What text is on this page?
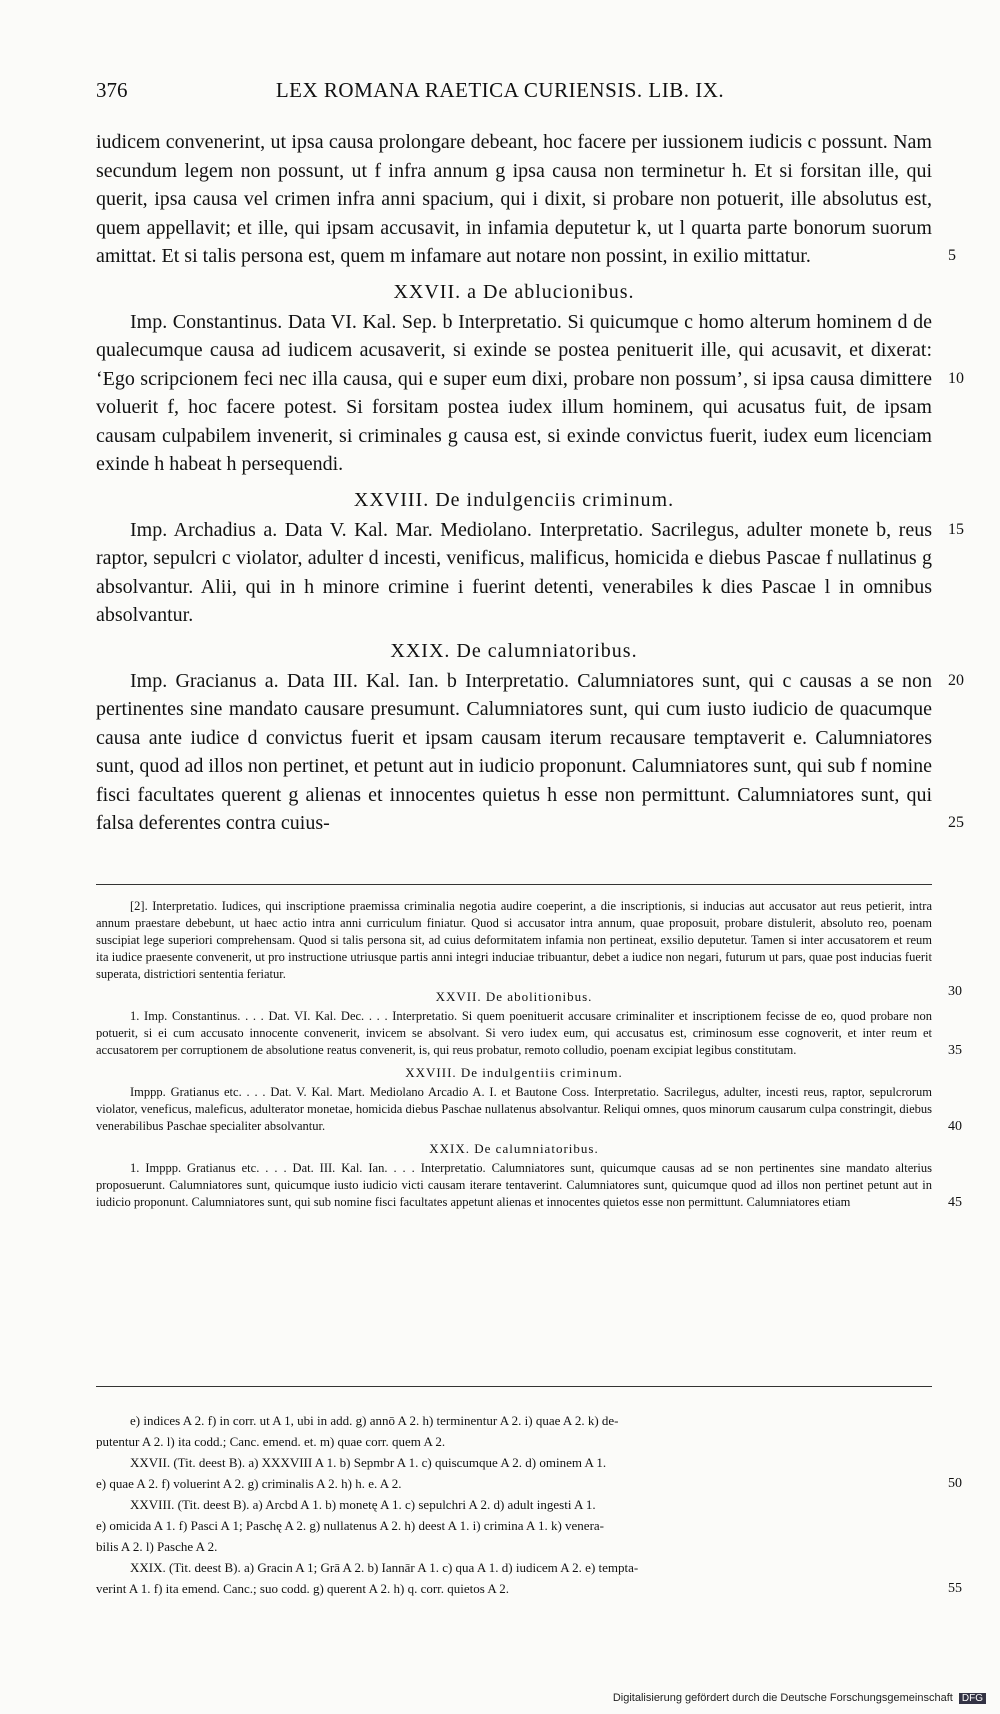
376	LEX ROMANA RAETICA CURIENSIS. LIB. IX.

iudicem convenerint, ut ipsa causa prolongare debeant, hoc facere per iussionem iudicis c possunt. Nam secundum legem non possunt, ut f infra annum g ipsa causa non terminetur h. Et si forsitan ille, qui querit, ipsa causa vel crimen infra anni spacium, qui i dixit, si probare non potuerit, ille absolutus est, quem appellavit; et ille, qui ipsam accusavit, in infamia deputetur k, ut l quarta parte bonorum suorum amittat. Et si talis persona est, quem m infamare aut notare non possint, in exilio mittatur.	5

XXVII. a De ablucionibus.

Imp. Constantinus. Data VI. Kal. Sep. b Interpretatio. Si quicumque c homo alterum hominem d de qualecumque causa ad iudicem acusaverit, si exinde se postea penituerit ille, qui acusavit, et dixerat: ‘Ego scripcionem feci nec illa causa, qui e super eum dixi, probare non possum’, si ipsa causa dimittere voluerit f, hoc facere potest. Si forsitam postea iudex illum hominem, qui acusatus fuit, de ipsam causam culpabilem invenerit, si criminales g causa est, si exinde convictus fuerit, iudex eum licenciam exinde h habeat h persequendi.
10

XXVIII. De indulgenciis criminum.

Imp. Archadius a. Data V. Kal. Mar. Mediolano. Interpretatio. Sacrilegus, adulter monete b, reus raptor, sepulcri c violator, adulter d incesti, venificus, malificus, homicida e diebus Pascae f nullatinus g absolvantur. Alii, qui in h minore crimine i fuerint detenti, venerabiles k dies Pascae l in omnibus absolvantur.
15

XXIX. De calumniatoribus.

Imp. Gracianus a. Data III. Kal. Ian. b Interpretatio. Calumniatores sunt, qui c causas a se non pertinentes sine mandato causare presumunt. Calumniatores sunt, qui cum iusto iudicio de quacumque causa ante iudice d convictus fuerit et ipsam causam iterum recausare temptaverit e. Calumniatores sunt, quod ad illos non pertinet, et petunt aut in iudicio proponunt. Calumniatores sunt, qui sub f nomine fisci facultates querent g alienas et innocentes quietus h esse non permittunt. Calumniatores sunt, qui falsa deferentes contra cuius-
20
25

[2]. Interpretatio. Iudices, qui inscriptione praemissa criminalia negotia audire coeperint, a die inscriptionis, si inducias aut accusator aut reus petierit, intra annum praestare debebunt, ut haec actio intra anni curriculum finiatur. Quod si accusator intra annum, quae proposuit, probare distulerit, absoluto reo, poenam suscipiat lege superiori comprehensam. Quod si talis persona sit, ad cuius deformitatem infamia non pertineat, exsilio deputetur. Tamen si inter accusatorem et reum ita iudice praesente convenerit, ut pro instructione utriusque partis anni integri induciae tribuantur, debet a iudice non negari, futurum ut pars, quae post inducias fuerit superata, districtiori sententia feriatur.
30

XXVII. De abolitionibus.

1. Imp. Constantinus. . . . Dat. VI. Kal. Dec. . . . Interpretatio. Si quem poenituerit accusare criminaliter et inscriptionem fecisse de eo, quod probare non potuerit, si ei cum accusato innocente convenerit, invicem se absolvant. Si vero iudex eum, qui accusatus est, criminosum esse cognoverit, et inter reum et accusatorem per corruptionem de absolutione reatus convenerit, is, qui reus probatur, remoto colludio, poenam excipiat legibus constitutam.	35

XXVIII. De indulgentiis criminum.

Imppp. Gratianus etc. . . . Dat. V. Kal. Mart. Mediolano Arcadio A. I. et Bautone Coss. Interpretatio. Sacrilegus, adulter, incesti reus, raptor, sepulcrorum violator, veneficus, maleficus, adulterator monetae, homicida diebus Paschae nullatenus absolvantur. Reliqui omnes, quos minorum causarum culpa constringit, diebus venerabilibus Paschae specialiter absolvantur.	40

XXIX. De calumniatoribus.

1. Imppp. Gratianus etc. . . . Dat. III. Kal. Ian. . . . Interpretatio. Calumniatores sunt, quicumque causas ad se non pertinentes sine mandato alterius proposuerunt. Calumniatores sunt, quicumque iusto iudicio victi causam iterare tentaverint. Calumniatores sunt, quicumque quod ad illos non pertinet petunt aut in iudicio proponunt. Calumniatores sunt, qui sub nomine fisci facultates appetunt alienas et innocentes quietos esse non permittunt. Calumniatores etiam	45

e) indices A 2. f) in corr. ut A 1, ubi in add. g) annō A 2. h) terminentur A 2. i) quae A 2. k) de-

putentur A 2. l) ita codd.; Canc. emend. et. m) quae corr. quem A 2.

XXVII. (Tit. deest B). a) XXXVIII A 1. b) Sepmbr A 1. c) quiscumque A 2. d) ominem A 1.

e) quae A 2. f) voluerint A 2. g) criminalis A 2. h) h. e. A 2.	50

XXVIII. (Tit. deest B). a) Arcbd A 1. b) monetę A 1. c) sepulchri A 2. d) adult ingesti A 1.

e) omicida A 1. f) Pasci A 1; Paschę A 2. g) nullatenus A 2. h) deest A 1. i) crimina A 1. k) venera-

bilis A 2. l) Pasche A 2.

XXIX. (Tit. deest B). a) Gracin A 1; Grā A 2. b) Iannār A 1. c) qua A 1. d) iudicem A 2. e) tempta-

verint A 1. f) ita emend. Canc.; suo codd. g) querent A 2. h) q. corr. quietos A 2.	55

Digitalisierung gefördert durch die Deutsche Forschungsgemeinschaft DFG
